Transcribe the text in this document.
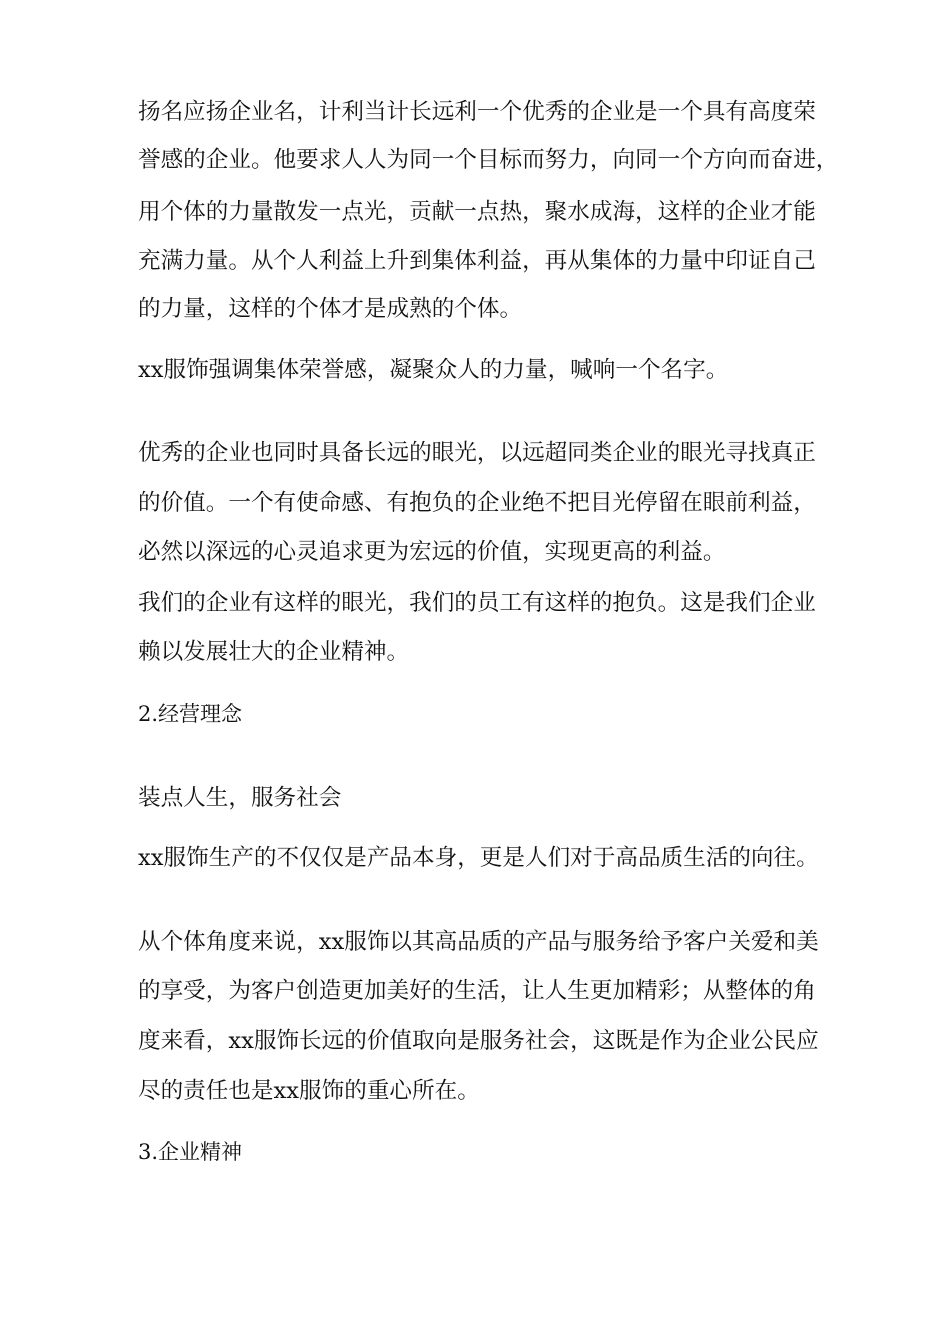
扬名应扬企业名，计利当计长远利一个优秀的企业是一个具有高度荣

誉感的企业。他要求人人为同一个目标而努力，向同一个方向而奋进，

用个体的力量散发一点光，贡献一点热，聚水成海，这样的企业才能

充满力量。从个人利益上升到集体利益，再从集体的力量中印证自己

的力量，这样的个体才是成熟的个体。

xx服饰强调集体荣誉感，凝聚众人的力量，喊响一个名字。

优秀的企业也同时具备长远的眼光，以远超同类企业的眼光寻找真正

的价值。一个有使命感、有抱负的企业绝不把目光停留在眼前利益，

必然以深远的心灵追求更为宏远的价值，实现更高的利益。

我们的企业有这样的眼光，我们的员工有这样的抱负。这是我们企业

赖以发展壮大的企业精神。

2.经营理念

装点人生，服务社会

xx服饰生产的不仅仅是产品本身，更是人们对于高品质生活的向往。

从个体角度来说，xx服饰以其高品质的产品与服务给予客户关爱和美

的享受，为客户创造更加美好的生活，让人生更加精彩；从整体的角

度来看，xx服饰长远的价值取向是服务社会，这既是作为企业公民应

尽的责任也是xx服饰的重心所在。

3.企业精神
